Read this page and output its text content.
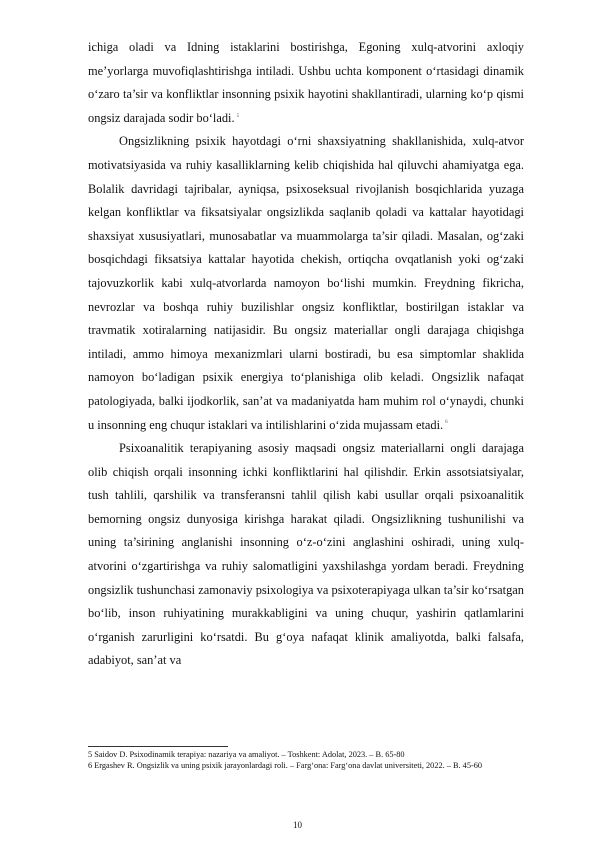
ichiga oladi va Idning istaklarini bostirishga, Egoning xulq-atvorini axloqiy me’yorlarga muvofiqlashtirishga intiladi. Ushbu uchta komponent o‘rtasidagi dinamik o‘zaro ta’sir va konfliktlar insonning psixik hayotini shakllantiradi, ularning ko‘p qismi ongsiz darajada sodir bo‘ladi. $^5$

Ongsizlikning psixik hayotdagi o‘rni shaxsiyatning shakllanishida, xulq-atvor motivatsiyasida va ruhiy kasalliklarning kelib chiqishida hal qiluvchi ahamiyatga ega. Bolalik davridagi tajribalar, ayniqsa, psixoseksual rivojlanish bosqichlarida yuzaga kelgan konfliktlar va fiksatsiyalar ongsizlikda saqlanib qoladi va kattalar hayotidagi shaxsiyat xususiyatlari, munosabatlar va muammolarga ta’sir qiladi. Masalan, og‘zaki bosqichdagi fiksatsiya kattalar hayotida chekish, ortiqcha ovqatlanish yoki og‘zaki tajovuzkorlik kabi xulq-atvorlarda namoyon bo‘lishi mumkin. Freydning fikricha, nevrozlar va boshqa ruhiy buzilishlar ongsiz konfliktlar, bostirilgan istaklar va travmatik xotiralarning natijasidir. Bu ongsiz materiallar ongli darajaga chiqishga intiladi, ammo himoya mexanizmlari ularni bostiradi, bu esa simptomlar shaklida namoyon bo‘ladigan psixik energiya to‘planishiga olib keladi. Ongsizlik nafaqat patologiyada, balki ijodkorlik, san’at va madaniyatda ham muhim rol o‘ynaydi, chunki u insonning eng chuqur istaklari va intilishlarini o‘zida mujassam etadi. $^6$

Psixoanalitik terapiyaning asosiy maqsadi ongsiz materiallarni ongli darajaga olib chiqish orqali insonning ichki konfliktlarini hal qilishdir. Erkin assotsiatsiyalar, tush tahlili, qarshilik va transferansni tahlil qilish kabi usullar orqali psixoanalitik bemorning ongsiz dunyosiga kirishga harakat qiladi. Ongsizlikning tushunilishi va uning ta’sirining anglanishi insonning o‘z-o‘zini anglashini oshiradi, uning xulq-atvorini o‘zgartirishga va ruhiy salomatligini yaxshilashga yordam beradi. Freydning ongsizlik tushunchasi zamonaviy psixologiya va psixoterapiyaga ulkan ta’sir ko‘rsatgan bo‘lib, inson ruhiyatining murakkabligini va uning chuqur, yashirin qatlamlarini o‘rganish zarurligini ko‘rsatdi. Bu g‘oya nafaqat klinik amaliyotda, balki falsafa, adabiyot, san’at va

5 Saidov D. Psixodinamik terapiya: nazariya va amaliyot. – Toshkent: Adolat, 2023. – B. 65-80

6 Ergashev R. Ongsizlik va uning psixik jarayonlardagi roli. – Farg‘ona: Farg‘ona davlat universiteti, 2022. – B. 45-60

10
